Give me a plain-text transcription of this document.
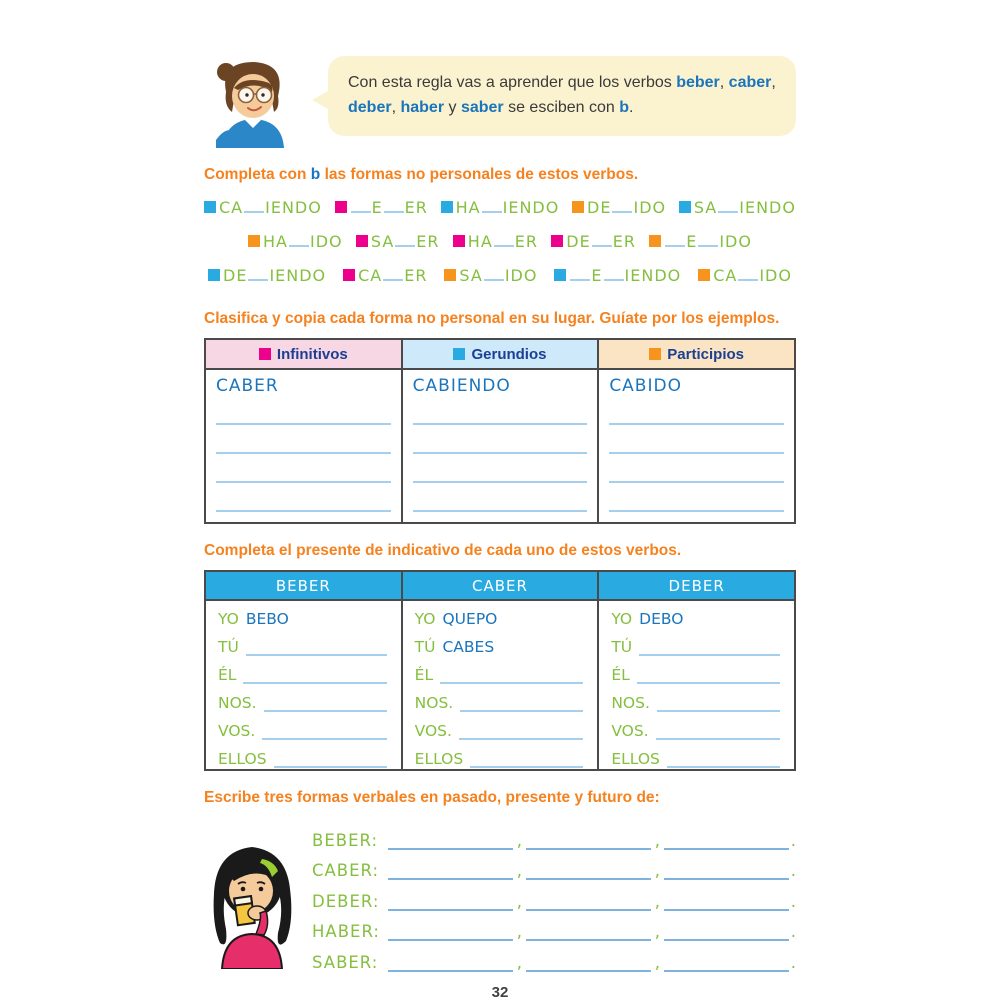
Con esta regla vas a aprender que los verbos beber, caber, deber, haber y saber se esciben con b.
Completa con b las formas no personales de estos verbos.
CA IENDO	E ER HA IENDO DE IDO SA IENDO
HA IDO SA ER HA ER DE ER	E IDO
DE IENDO CA ER SA IDO	E IENDO CA IDO
Clasifica y copia cada forma no personal en su lugar. Guíate por los ejemplos.
Infinitivos	Gerundios	Participios

CABER	CABIENDO	CABIDO
Completa el presente de indicativo de cada uno de estos verbos.
BEBER	CABER	DEBER

YO BEBO	YO QUEPO	YO DEBO

TÚ	TÚ CABES	TÚ

ÉL	ÉL	ÉL

NOS.	NOS.	NOS.

VOS.	VOS.	VOS.

ELLOS	ELLOS	ELLOS
Escribe tres formas verbales en pasado, presente y futuro de:
BEBER:	,	,	.
CABER:	,	,	.
DEBER:	,	,	.
HABER:	,	,	.
SABER:	,	,	.
32
